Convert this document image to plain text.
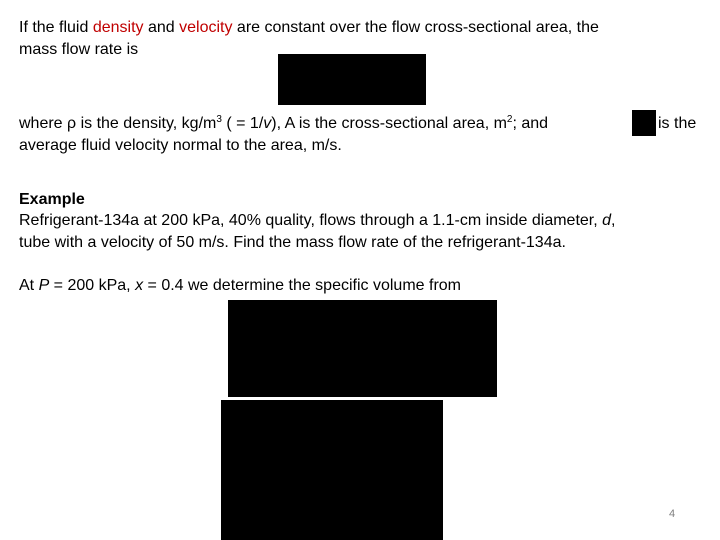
If the fluid density and velocity are constant over the flow cross-sectional area, the
mass flow rate is
where ρ is the density, $kg/m^3$ ( = 1/v), A is the cross-sectional area, $m^2$; and	is the
average fluid velocity normal to the area, m/s.
Example
Refrigerant-134a at 200 kPa, 40% quality, flows through a 1.1-cm inside diameter, d,
tube with a velocity of 50 m/s. Find the mass flow rate of the refrigerant-134a.
At P = 200 kPa, x = 0.4 we determine the specific volume from
4
